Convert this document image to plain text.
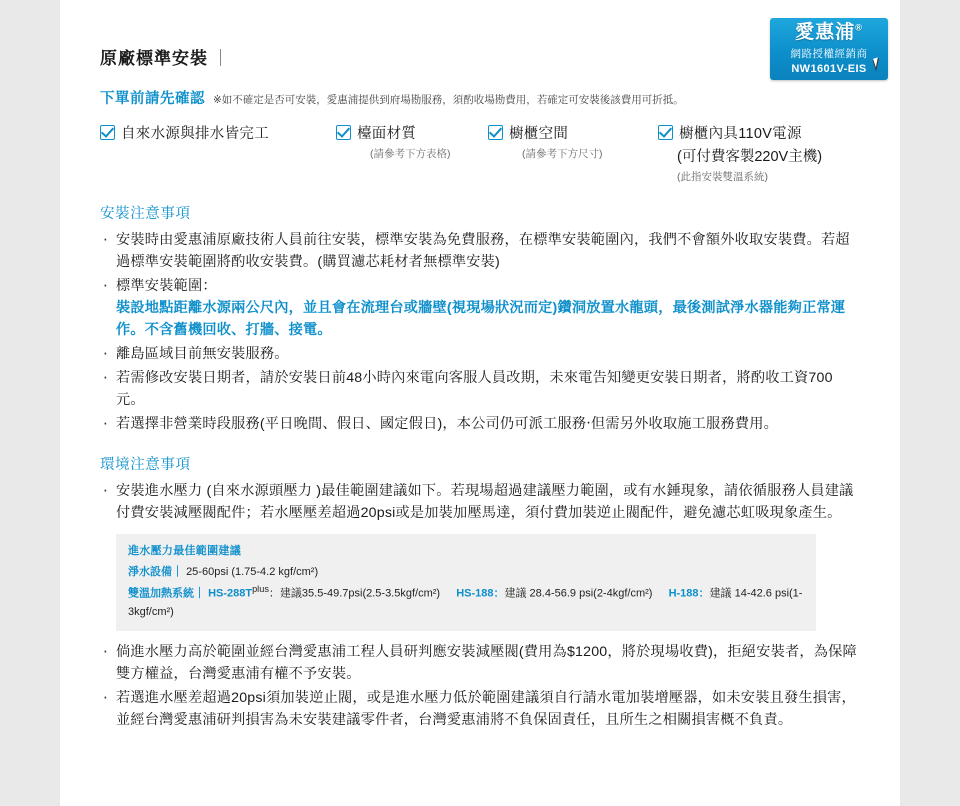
愛惠浦®
網路授權經銷商
NW1601V-EIS
原廠標準安裝 ｜
下單前請先確認 ※如不確定是否可安裝，愛惠浦提供到府場勘服務，須酌收場勘費用，若確定可安裝後該費用可折抵。
自來水源與排水皆完工	檯面材質
(請參考下方表格)
櫥櫃空間
(請參考下方尺寸)
櫥櫃內具110V電源
(可付費客製220V主機)
(此指安裝雙溫系統)
安裝注意事項
‧ 安裝時由愛惠浦原廠技術人員前往安裝，標準安裝為免費服務，在標準安裝範圍內，我們不會額外收取安裝費。若超過標準安裝範圍將酌收安裝費。(購買濾芯耗材者無標準安裝)
‧ 標準安裝範圍：
裝設地點距離水源兩公尺內，並且會在流理台或牆壁(視現場狀況而定)鑽洞放置水龍頭，最後測試淨水器能夠正常運作。不含舊機回收、打牆、接電。
‧ 離島區域目前無安裝服務。
‧ 若需修改安裝日期者，請於安裝日前48小時內來電向客服人員改期，未來電告知變更安裝日期者，將酌收工資700元。
‧ 若選擇非營業時段服務(平日晚間、假日、國定假日)，本公司仍可派工服務‧但需另外收取施工服務費用。
環境注意事項
‧ 安裝進水壓力 (自來水源頭壓力 )最佳範圍建議如下。若現場超過建議壓力範圍，或有水錘現象，請依循服務人員建議付費安裝減壓閥配件；若水壓壓差超過20psi或是加裝加壓馬達，須付費加裝逆止閥配件，避免濾芯虹吸現象產生。
進水壓力最佳範圍建議
淨水設備｜ 25-60psi (1.75-4.2 kgf/cm²)
雙溫加熱系統｜ $HS-288T^{plus}$：建議35.5-49.7psi(2.5-3.5kgf/cm²) HS-188：建議 28.4-56.9 psi(2-4kgf/cm²) H-188：建議 14-42.6 psi(1-3kgf/cm²)
‧ 倘進水壓力高於範圍並經台灣愛惠浦工程人員研判應安裝減壓閥(費用為$1200，將於現場收費)，拒絕安裝者，為保障雙方權益，台灣愛惠浦有權不予安裝。
‧ 若選進水壓差超過20psi須加裝逆止閥，或是進水壓力低於範圍建議須自行請水電加裝增壓器，如未安裝且發生損害，並經台灣愛惠浦研判損害為未安裝建議零件者，台灣愛惠浦將不負保固責任，且所生之相關損害概不負責。
